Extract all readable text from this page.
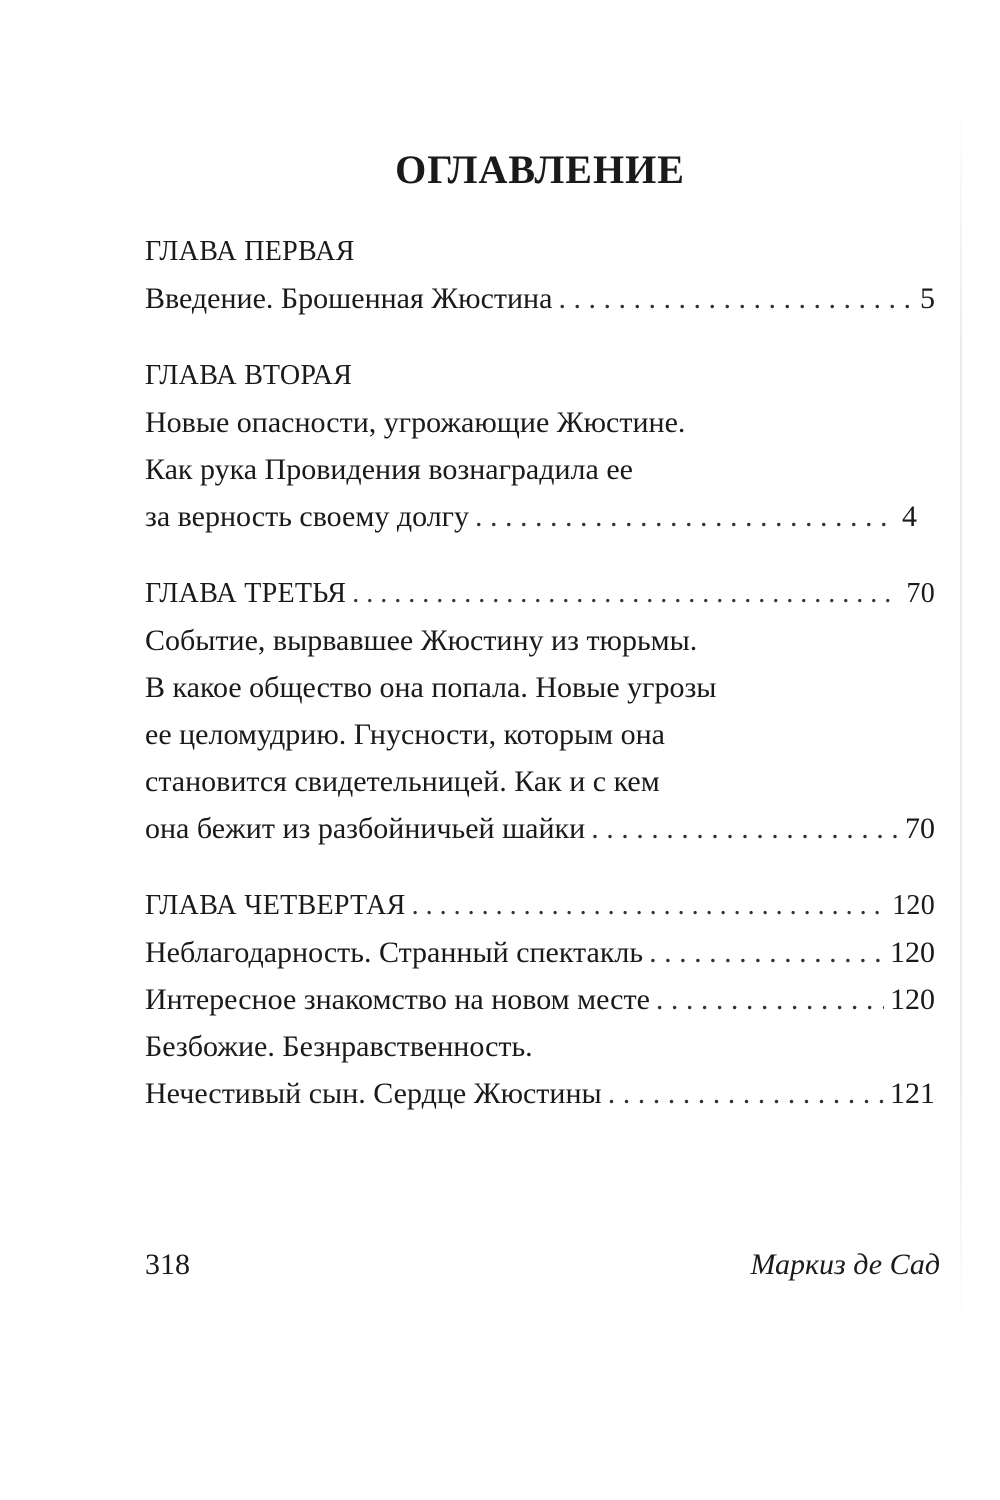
ОГЛАВЛЕНИЕ
ГЛАВА ПЕРВАЯ
Введение. Брошенная Жюстина . . .	5
ГЛАВА ВТОРАЯ
Новые опасности, угрожающие Жюстине.
Как рука Провидения вознаградила ее
за верность своему долгу . . .	4
ГЛАВА ТРЕТЬЯ . . .	70
Событие, вырвавшее Жюстину из тюрьмы.
В какое общество она попала. Новые угрозы
ее целомудрию. Гнусности, которым она
становится свидетельницей. Как и с кем
она бежит из разбойничьей шайки . . .	70
ГЛАВА ЧЕТВЕРТАЯ . . .	120
Неблагодарность. Странный спектакль . . .	120
Интересное знакомство на новом месте . . .	120
Безбожие. Безнравственность.
Нечестивый сын. Сердце Жюстины . . .	121
318	Маркиз де Сад
